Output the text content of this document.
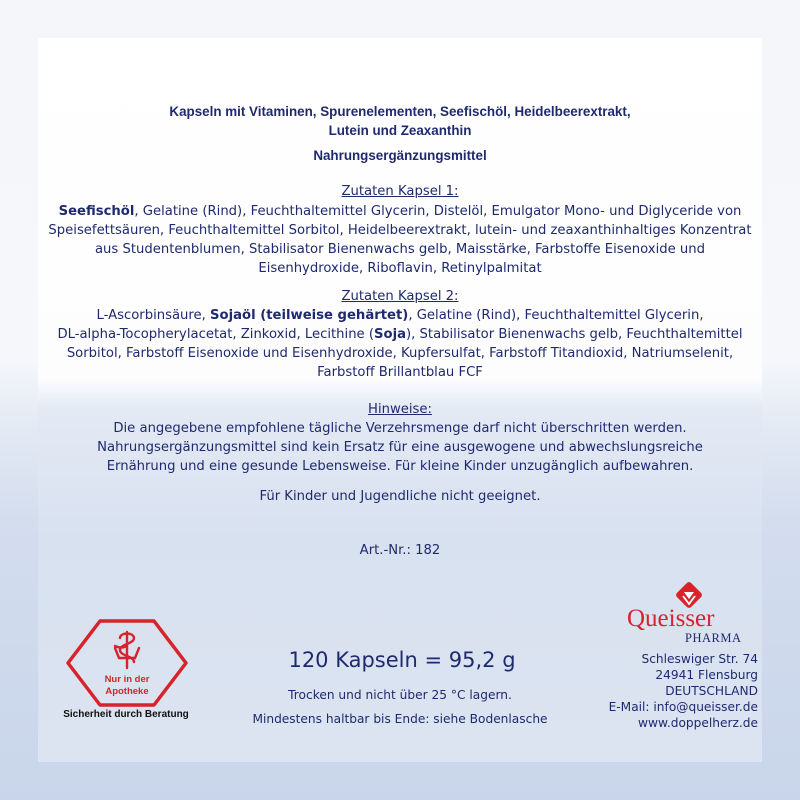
Kapseln mit Vitaminen, Spurenelementen, Seefischöl, Heidelbeerextrakt,
Lutein und Zeaxanthin
Nahrungsergänzungsmittel
Zutaten Kapsel 1:
Seefischöl, Gelatine (Rind), Feuchthaltemittel Glycerin, Distelöl, Emulgator Mono- und Diglyceride von
Speisefettsäuren, Feuchthaltemittel Sorbitol, Heidelbeerextrakt, lutein- und zeaxanthinhaltiges Konzentrat
aus Studentenblumen, Stabilisator Bienenwachs gelb, Maisstärke, Farbstoffe Eisenoxide und
Eisenhydroxide, Riboflavin, Retinylpalmitat
Zutaten Kapsel 2:
L-Ascorbinsäure, Sojaöl (teilweise gehärtet), Gelatine (Rind), Feuchthaltemittel Glycerin,
DL-alpha-Tocopherylacetat, Zinkoxid, Lecithine (Soja), Stabilisator Bienenwachs gelb, Feuchthaltemittel
Sorbitol, Farbstoff Eisenoxide und Eisenhydroxide, Kupfersulfat, Farbstoff Titandioxid, Natriumselenit,
Farbstoff Brillantblau FCF
Hinweise:
Die angegebene empfohlene tägliche Verzehrsmenge darf nicht überschritten werden.
Nahrungsergänzungsmittel sind kein Ersatz für eine ausgewogene und abwechslungsreiche
Ernährung und eine gesunde Lebensweise. Für kleine Kinder unzugänglich aufbewahren.
Für Kinder und Jugendliche nicht geeignet.
Art.-Nr.: 182
120 Kapseln = 95,2 g
Trocken und nicht über 25 °C lagern.
Mindestens haltbar bis Ende: siehe Bodenlasche
Nur in der
Apotheke
Sicherheit durch Beratung
Queisser
PHARMA
Schleswiger Str. 74
24941 Flensburg
DEUTSCHLAND
E-Mail: info@queisser.de
www.doppelherz.de
